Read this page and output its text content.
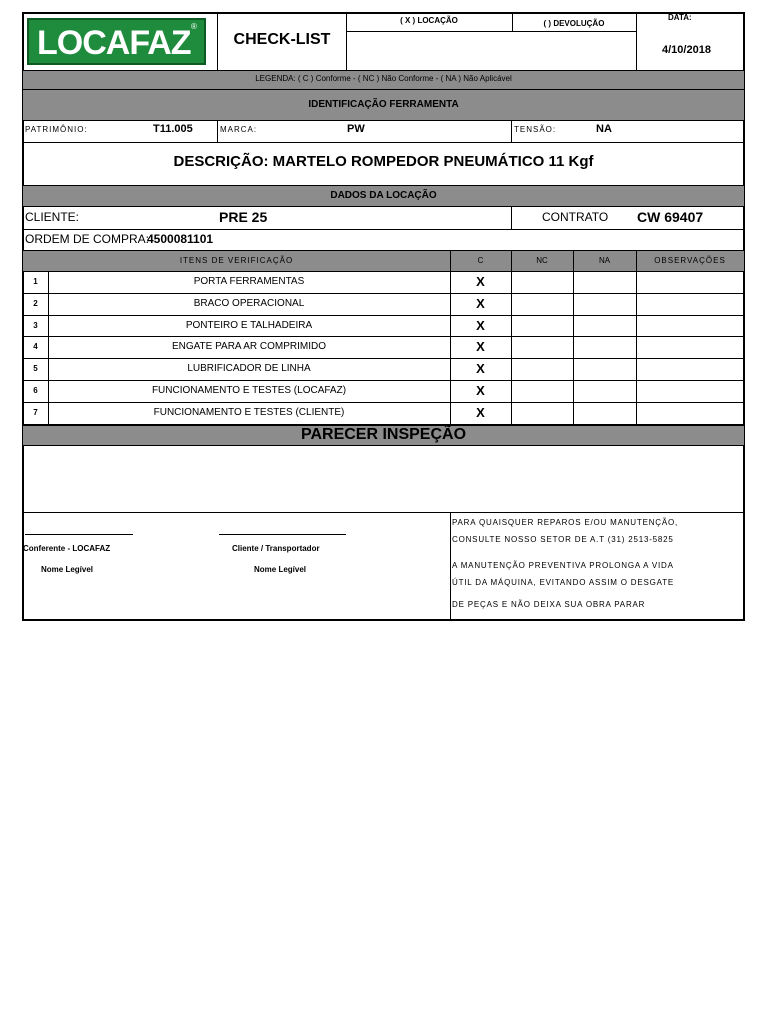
LOCAFAZ ®
CHECK-LIST
( X ) LOCAÇÃO	( ) DEVOLUÇÃO
DATA:
4/10/2018
LEGENDA: ( C ) Conforme - ( NC ) Não Conforme - ( NA ) Não Aplicável
IDENTIFICAÇÃO FERRAMENTA
PATRIMÔNIO:	T11.005	MARCA:	PW	TENSÃO:	NA
DESCRIÇÃO: MARTELO ROMPEDOR PNEUMÁTICO 11 Kgf
DADOS DA LOCAÇÃO
CLIENTE:	PRE 25	CONTRATO CW 69407
ORDEM DE COMPRA:
4500081101
ITENS DE VERIFICAÇÃO	C	NC	NA	OBSERVAÇÕES
1	PORTA FERRAMENTAS	X
2	BRACO OPERACIONAL	X
3	PONTEIRO E TALHADEIRA	X
4	ENGATE PARA AR COMPRIMIDO	X
5	LUBRIFICADOR DE LINHA	X
6	FUNCIONAMENTO E TESTES (LOCAFAZ)	X
7	FUNCIONAMENTO E TESTES (CLIENTE)	X
PARECER INSPEÇÃO
Conferente - LOCAFAZ	Cliente / Transportador
Nome Legível	Nome Legível
PARA QUAISQUER REPAROS E/OU MANUTENÇÃO,
CONSULTE NOSSO SETOR DE A.T (31) 2513-5825
A MANUTENÇÃO PREVENTIVA PROLONGA A VIDA
ÚTIL DA MÁQUINA, EVITANDO ASSIM O DESGATE
DE PEÇAS E NÃO DEIXA SUA OBRA PARAR
